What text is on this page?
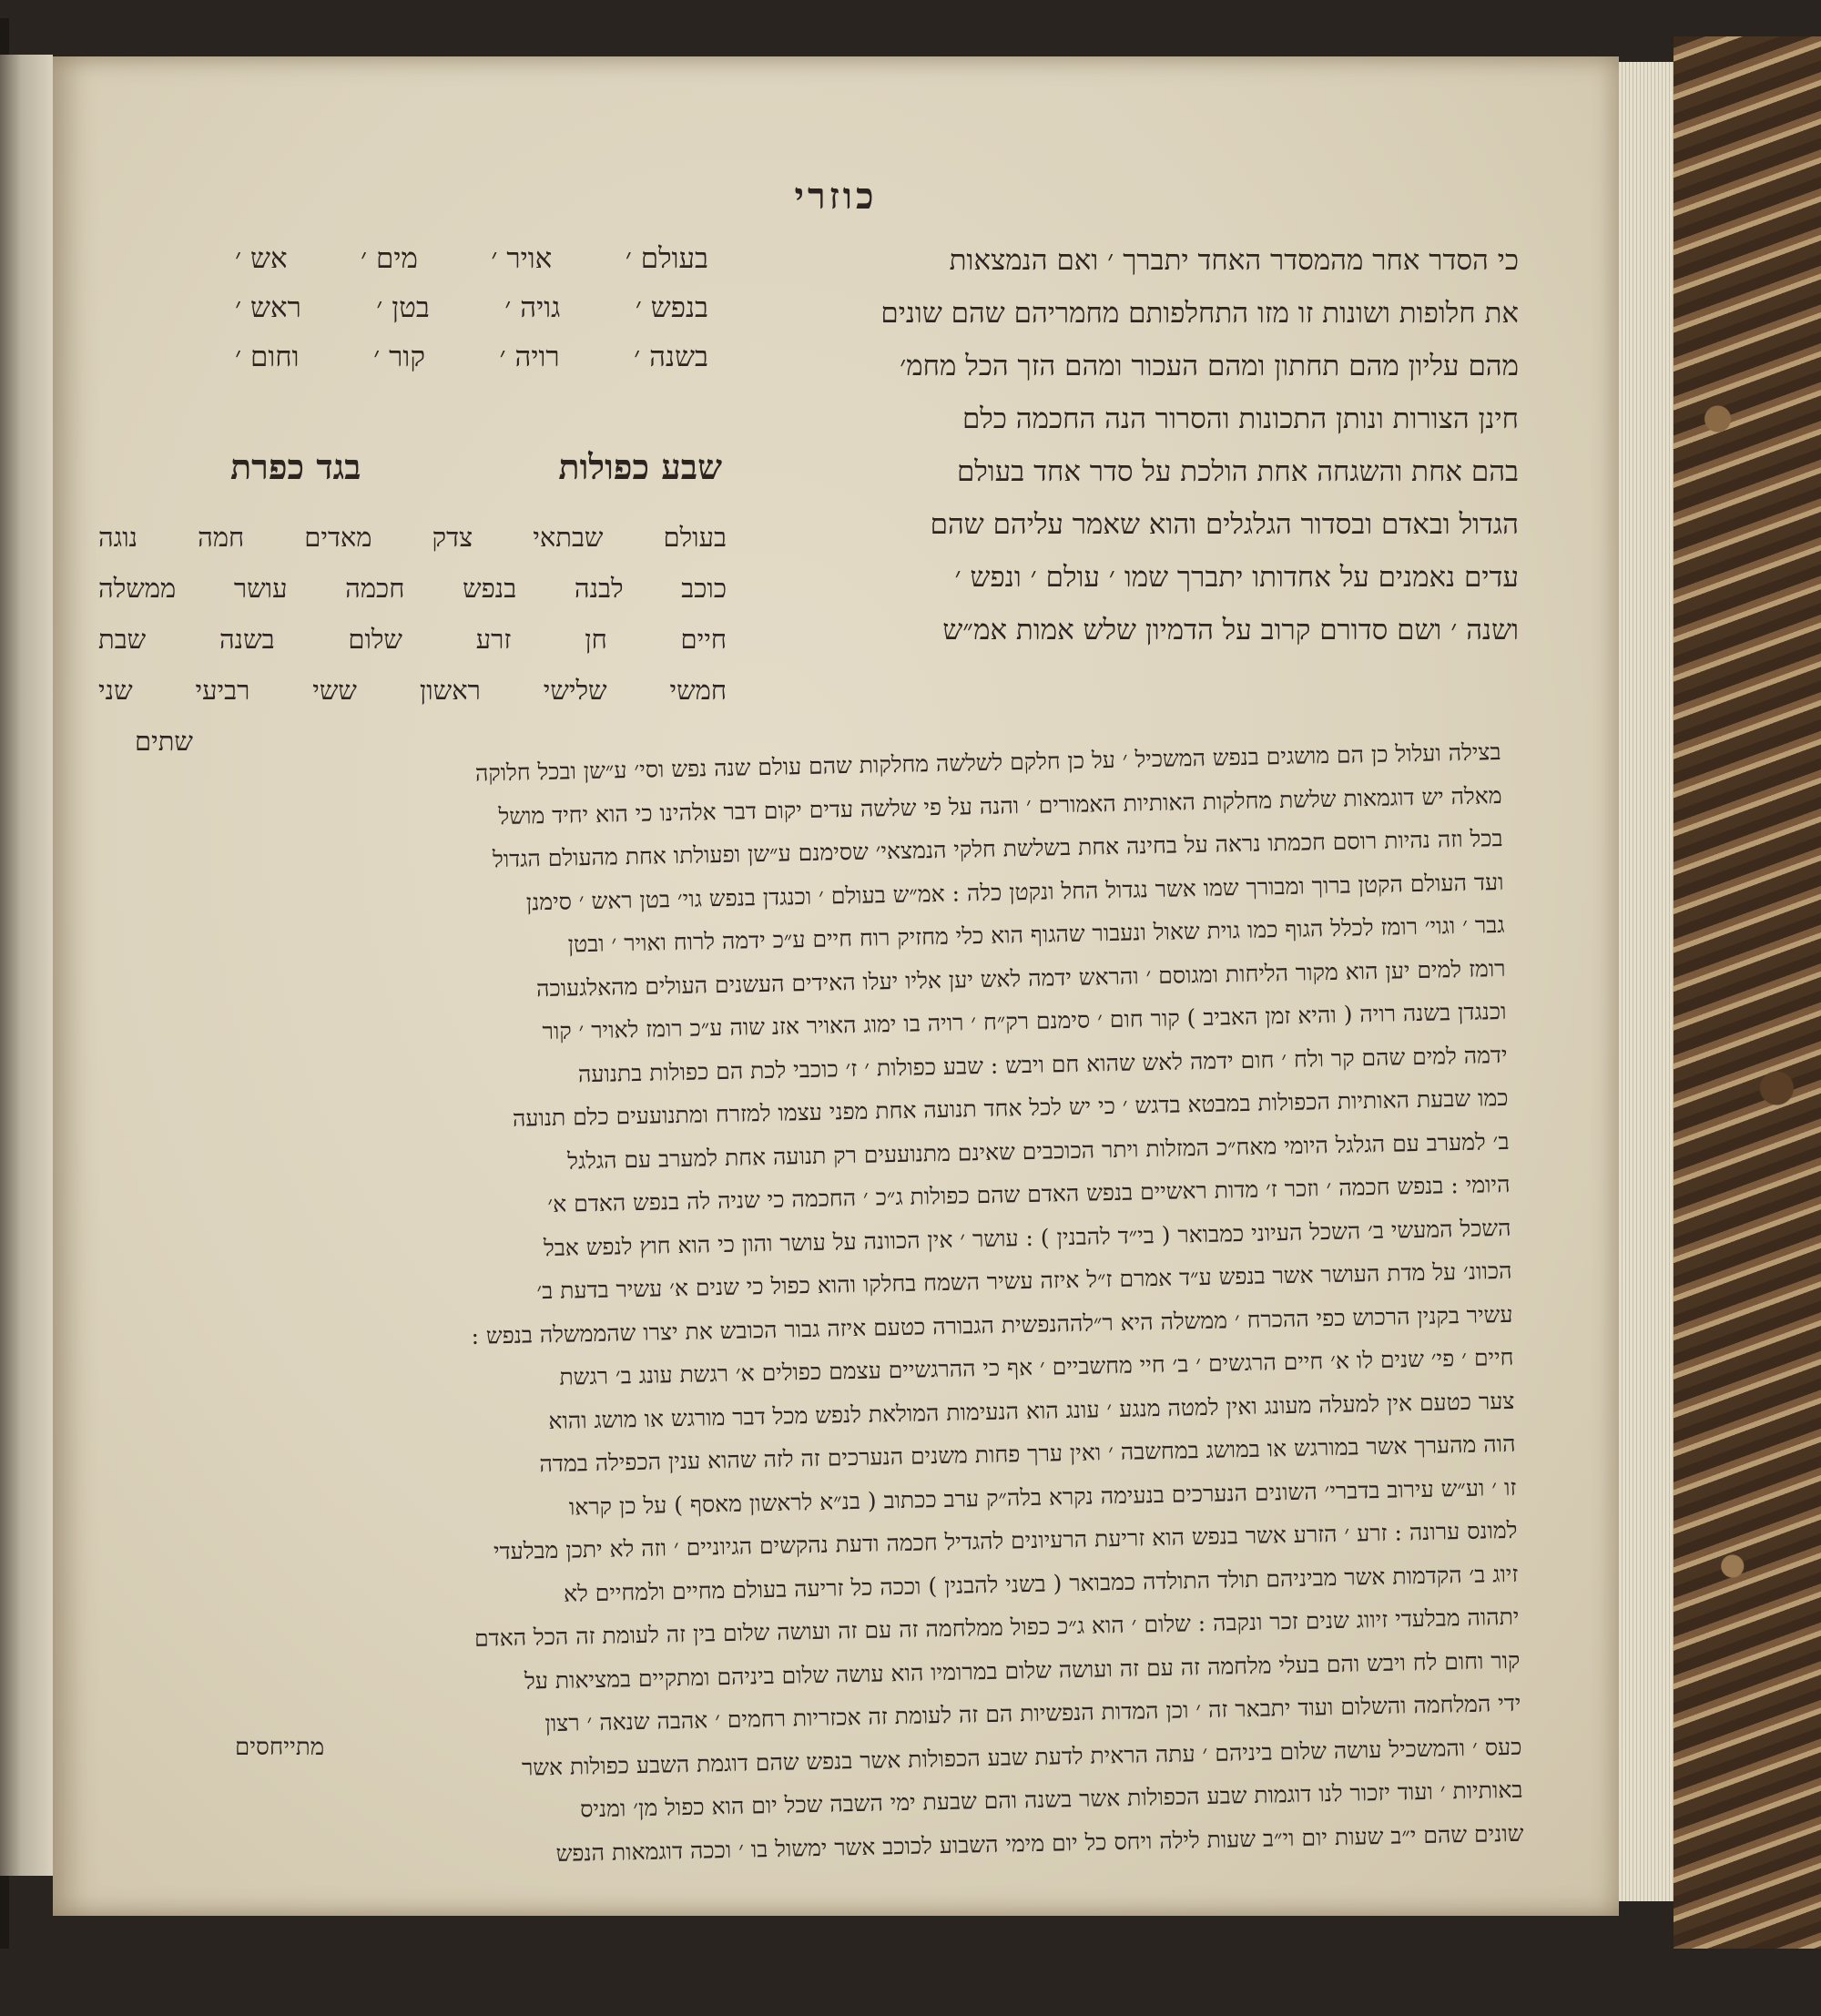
כוזרי
כי הסדר אחר מהמסדר האחד יתברך ׳ ואם הנמצאות
את חלופות ושונות זו מזו התחלפותם מחמריהם שהם שונים
מהם עליון מהם תחתון ומהם העכור ומהם הזך הכל מחמ׳
חינן הצורות ונותן התכונות והסרור הנה החכמה כלם
בהם אחת והשגחה אחת הולכת על סדר אחד בעולם
הגדול ובאדם ובסדור הגלגלים והוא שאמר עליהם שהם
עדים נאמנים על אחדותו יתברך שמו ׳ עולם ׳ ונפש ׳
ושנה ׳ ושם סדורם קרוב על הדמיון שלש אמות אמ״ש
בעולם ׳
אויר ׳
מים ׳
אש ׳
בנפש ׳
גויה ׳
בטן ׳
ראש ׳
בשנה ׳
רויה ׳
קור ׳
וחום ׳
שבע כפולות
בגד כפרת
בעולם
שבתאי
צדק
מאדים
חמה
נוגה
כוכב
לבנה
בנפש
חכמה
עושר
ממשלה
חיים
חן
זרע
שלום
בשנה
שבת
חמשי
שלישי
ראשון
ששי
רביעי
שני
שתים	בצילה ועלול כן הם מושגים בנפש המשכיל ׳ על כן חלקם לשלשה מחלקות שהם עולם שנה נפש וסי׳ ע״שן ובכל חלוקה
מאלה יש דוגמאות שלשת מחלקות האותיות האמורים ׳ והנה על פי שלשה עדים יקום דבר אלהינו כי הוא יחיד מושל
בכל וזה נהיות רוסם חכמתו נראה על בחינה אחת בשלשת חלקי הנמצאי׳ שסימנם ע״שן ופעולתו אחת מהעולם הגדול
ועד העולם הקטן ברוך ומבורך שמו אשר נגדול החל ונקטן כלה : אמ״ש בעולם ׳ וכנגדן בנפש גוי׳ בטן ראש ׳ סימנן
גבר ׳ וגוי׳ רומז לכלל הגוף כמו גוית שאול ונעבור שהגוף הוא כלי מחזיק רוח חיים ע״כ ידמה לרוח ואויר ׳ ובטן
רומז למים יען הוא מקור הליחות ומגוסם ׳ והראש ידמה לאש יען אליו יעלו האידים העשנים העולים מהאלגעוכה
וכנגדן בשנה רויה ( והיא זמן האביב ) קור חום ׳ סימנם רק״ח ׳ רויה בו ימוג האויר אזנ שוה ע״כ רומז לאויר ׳ קור
ידמה למים שהם קר ולח ׳ חום ידמה לאש שהוא חם ויבש : שבע כפולות ׳ ז׳ כוכבי לכת הם כפולות בתנועה
כמו שבעת האותיות הכפולות במבטא בדגש ׳ כי יש לכל אחד תנועה אחת מפני עצמו למזרח ומתנועעים כלם תנועה
ב׳ למערב עם הגלגל היומי מאח״כ המזלות ויתר הכוכבים שאינם מתנועעים רק תנועה אחת למערב עם הגלגל
היומי : בנפש חכמה ׳ וזכר ז׳ מדות ראשיים בנפש האדם שהם כפולות ג״כ ׳ החכמה כי שניה לה בנפש האדם א׳
השכל המעשי ב׳ השכל העיוני כמבואר ( בי״ד להבנין ) : עושר ׳ אין הכוונה על עושר והון כי הוא חוץ לנפש אבל
הכוונ׳ על מדת העושר אשר בנפש ע״ד אמרם ז״ל איזה עשיר השמח בחלקו והוא כפול כי שנים א׳ עשיר בדעת ב׳
עשיר בקנין הרכוש כפי ההכרח ׳ ממשלה היא ר״לההנפשית הגבורה כטעם איזה גבור הכובש את יצרו שהממשלה בנפש :
חיים ׳ פי׳ שנים לו א׳ חיים הרגשים ׳ ב׳ חיי מחשביים ׳ אף כי ההרגשיים עצמם כפולים א׳ רגשת עונג ב׳ רגשת
צער כטעם אין למעלה מעונג ואין למטה מנגע ׳ עונג הוא הנעימות המולאת לנפש מכל דבר מורגש או מושג והוא
הוה מהערך אשר במורגש או במושג במחשבה ׳ ואין ערך פחות משנים הנערכים זה לזה שהוא ענין הכפילה במדה
זו ׳ וע״ש עירוב בדברי׳ השונים הנערכים בנעימה נקרא בלה״ק ערב ככתוב ( בנ״א לראשון מאסף ) על כן קראו
למונס ערונה : זרע ׳ הזרע אשר בנפש הוא זריעת הרעיונים להגדיל חכמה ודעת נהקשים הגיוניים ׳ וזה לא יתכן מבלעדי
זיוג ב׳ הקדמות אשר מביניהם תולד התולדה כמבואר ( בשני להבנין ) וככה כל זריעה בעולם מחיים ולמחיים לא
יתהוה מבלעדי זיווג שנים זכר ונקבה : שלום ׳ הוא ג״כ כפול ממלחמה זה עם זה ועושה שלום בין זה לעומת זה הכל האדם
קור וחום לח ויבש והם בעלי מלחמה זה עם זה ועושה שלום במרומיו הוא עושה שלום ביניהם ומתקיים במציאות על
ידי המלחמה והשלום ועוד יתבאר זה ׳ וכן המדות הנפשיות הם זה לעומת זה אכזריות רחמים ׳ אהבה שנאה ׳ רצון
כעס ׳ והמשכיל עושה שלום ביניהם ׳ עתה הראית לדעת שבע הכפולות אשר בנפש שהם דוגמת השבע כפולות אשר
באותיות ׳ ועוד יזכור לנו דוגמות שבע הכפולות אשר בשנה והם שבעת ימי השבה שכל יום הוא כפול מן׳ ומניס
שונים שהם י״ב שעות יום וי״ב שעות לילה ויחס כל יום מימי השבוע לכוכב אשר ימשול בו ׳ וככה דוגמאות הנפש
מתייחסים
